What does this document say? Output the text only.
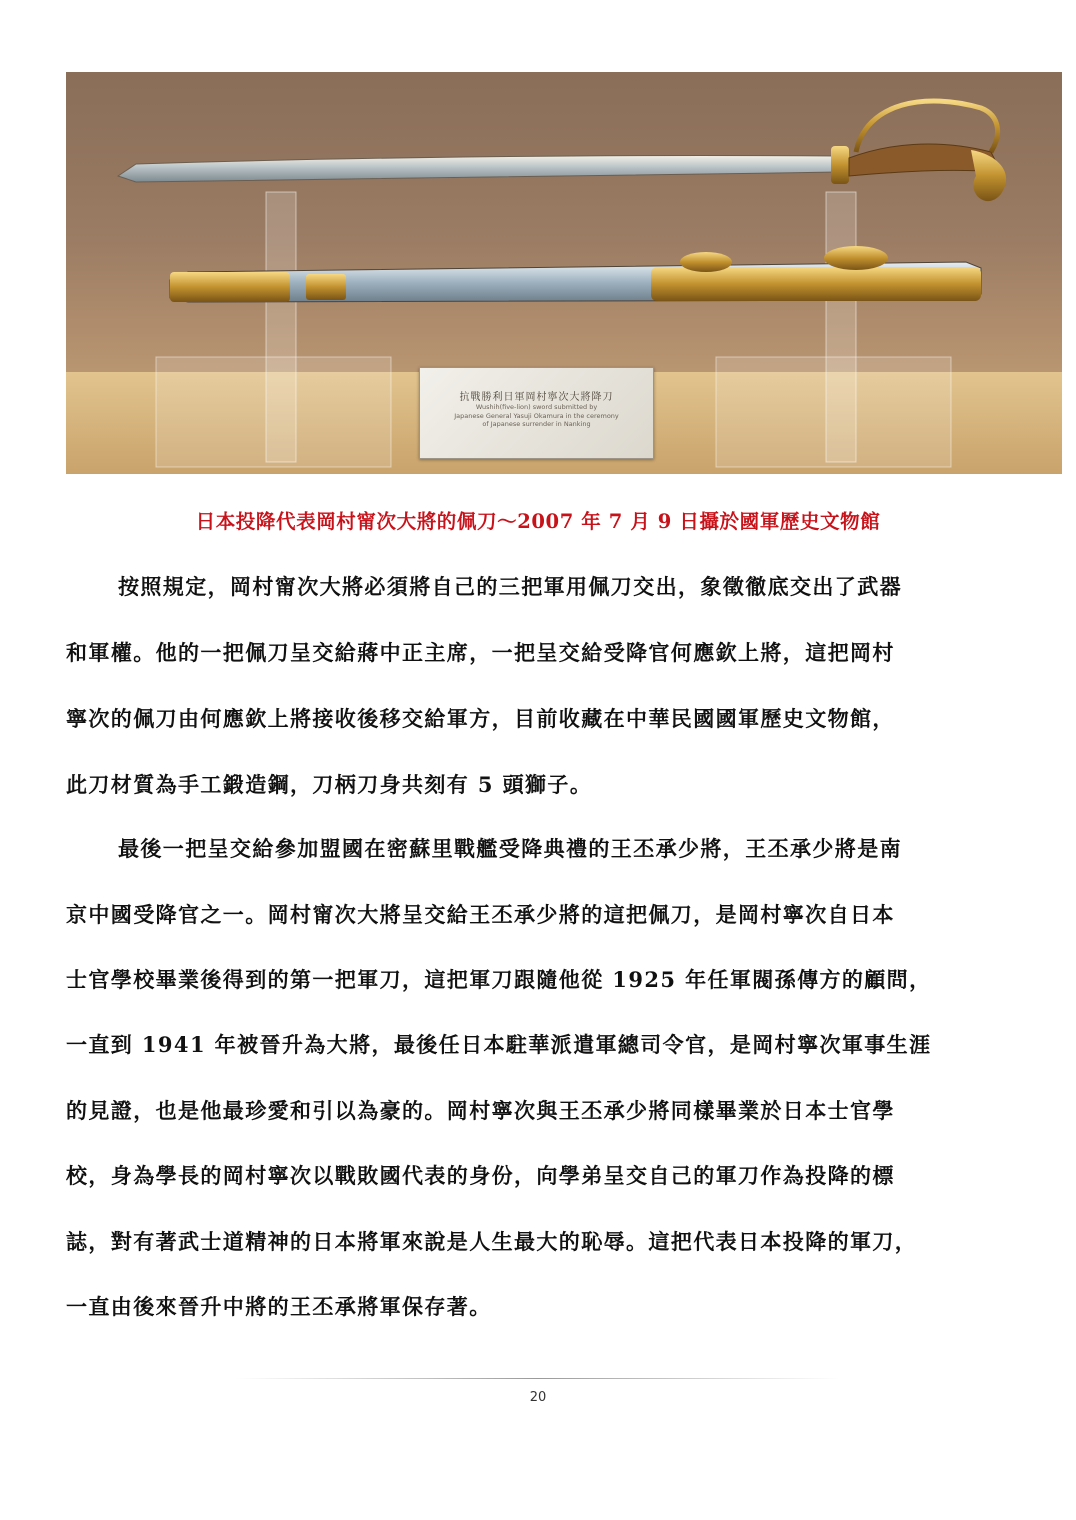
抗戰勝利日軍岡村寧次大將降刀
Wushih(five-lion) sword submitted by
Japanese General Yasuji Okamura in the ceremony
of Japanese surrender in Nanking
日本投降代表岡村甯次大將的佩刀～2007 年 7 月 9 日攝於國軍歷史文物館
按照規定，岡村甯次大將必須將自己的三把軍用佩刀交出，象徵徹底交出了武器
和軍權。他的一把佩刀呈交給蔣中正主席，一把呈交給受降官何應欽上將，這把岡村
寧次的佩刀由何應欽上將接收後移交給軍方，目前收藏在中華民國國軍歷史文物館，
此刀材質為手工鍛造鋼，刀柄刀身共刻有 5 頭獅子。
最後一把呈交給參加盟國在密蘇里戰艦受降典禮的王丕承少將，王丕承少將是南
京中國受降官之一。岡村甯次大將呈交給王丕承少將的這把佩刀，是岡村寧次自日本
士官學校畢業後得到的第一把軍刀，這把軍刀跟隨他從 1925 年任軍閥孫傳方的顧問，
一直到 1941 年被晉升為大將，最後任日本駐華派遣軍總司令官，是岡村寧次軍事生涯
的見證，也是他最珍愛和引以為豪的。岡村寧次與王丕承少將同樣畢業於日本士官學
校，身為學長的岡村寧次以戰敗國代表的身份，向學弟呈交自己的軍刀作為投降的標
誌，對有著武士道精神的日本將軍來說是人生最大的恥辱。這把代表日本投降的軍刀，
一直由後來晉升中將的王丕承將軍保存著。
20
